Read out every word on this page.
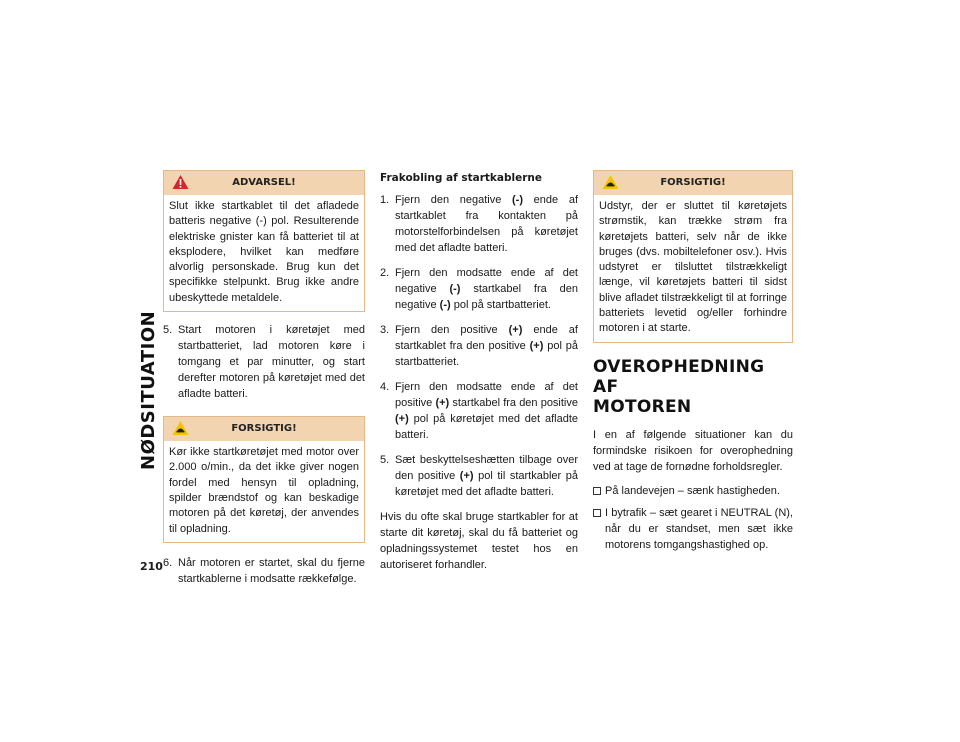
NØDSITUATION
210
ADVARSEL!
Slut ikke startkablet til det afladede batteris negative (-) pol. Resulterende elektriske gnister kan få batteriet til at eksplodere, hvilket kan medføre alvorlig personskade. Brug kun det specifikke stelpunkt. Brug ikke andre ubeskyttede metaldele.
5. Start motoren i køretøjet med startbatteriet, lad motoren køre i tomgang et par minutter, og start derefter motoren på køretøjet med det afladte batteri.
FORSIGTIG!
Kør ikke startkøretøjet med motor over 2.000 o/min., da det ikke giver nogen fordel med hensyn til opladning, spilder brændstof og kan beskadige motoren på det køretøj, der anvendes til opladning.
6. Når motoren er startet, skal du fjerne startkablerne i modsatte rækkefølge.
Frakobling af startkablerne
1. Fjern den negative (-) ende af startkablet fra kontakten på motorstelforbindelsen på køretøjet med det afladte batteri.
2. Fjern den modsatte ende af det negative (-) startkabel fra den negative (-) pol på startbatteriet.
3. Fjern den positive (+) ende af startkablet fra den positive (+) pol på startbatteriet.
4. Fjern den modsatte ende af det positive (+) startkabel fra den positive (+) pol på køretøjet med det afladte batteri.
5. Sæt beskyttelseshætten tilbage over den positive (+) pol til startkabler på køretøjet med det afladte batteri.
Hvis du ofte skal bruge startkabler for at starte dit køretøj, skal du få batteriet og opladningssystemet testet hos en autoriseret forhandler.
FORSIGTIG!
Udstyr, der er sluttet til køretøjets strømstik, kan trække strøm fra køretøjets batteri, selv når de ikke bruges (dvs. mobiltelefoner osv.). Hvis udstyret er tilsluttet tilstrækkeligt længe, vil køretøjets batteri til sidst blive afladet tilstrækkeligt til at forringe batteriets levetid og/eller forhindre motoren i at starte.
OVEROPHEDNING AF
MOTOREN
I en af følgende situationer kan du formindske risikoen for overophedning ved at tage de fornødne forholdsregler.
På landevejen – sænk hastigheden.
I bytrafik – sæt gearet i NEUTRAL (N), når du er standset, men sæt ikke motorens tomgangshastighed op.
